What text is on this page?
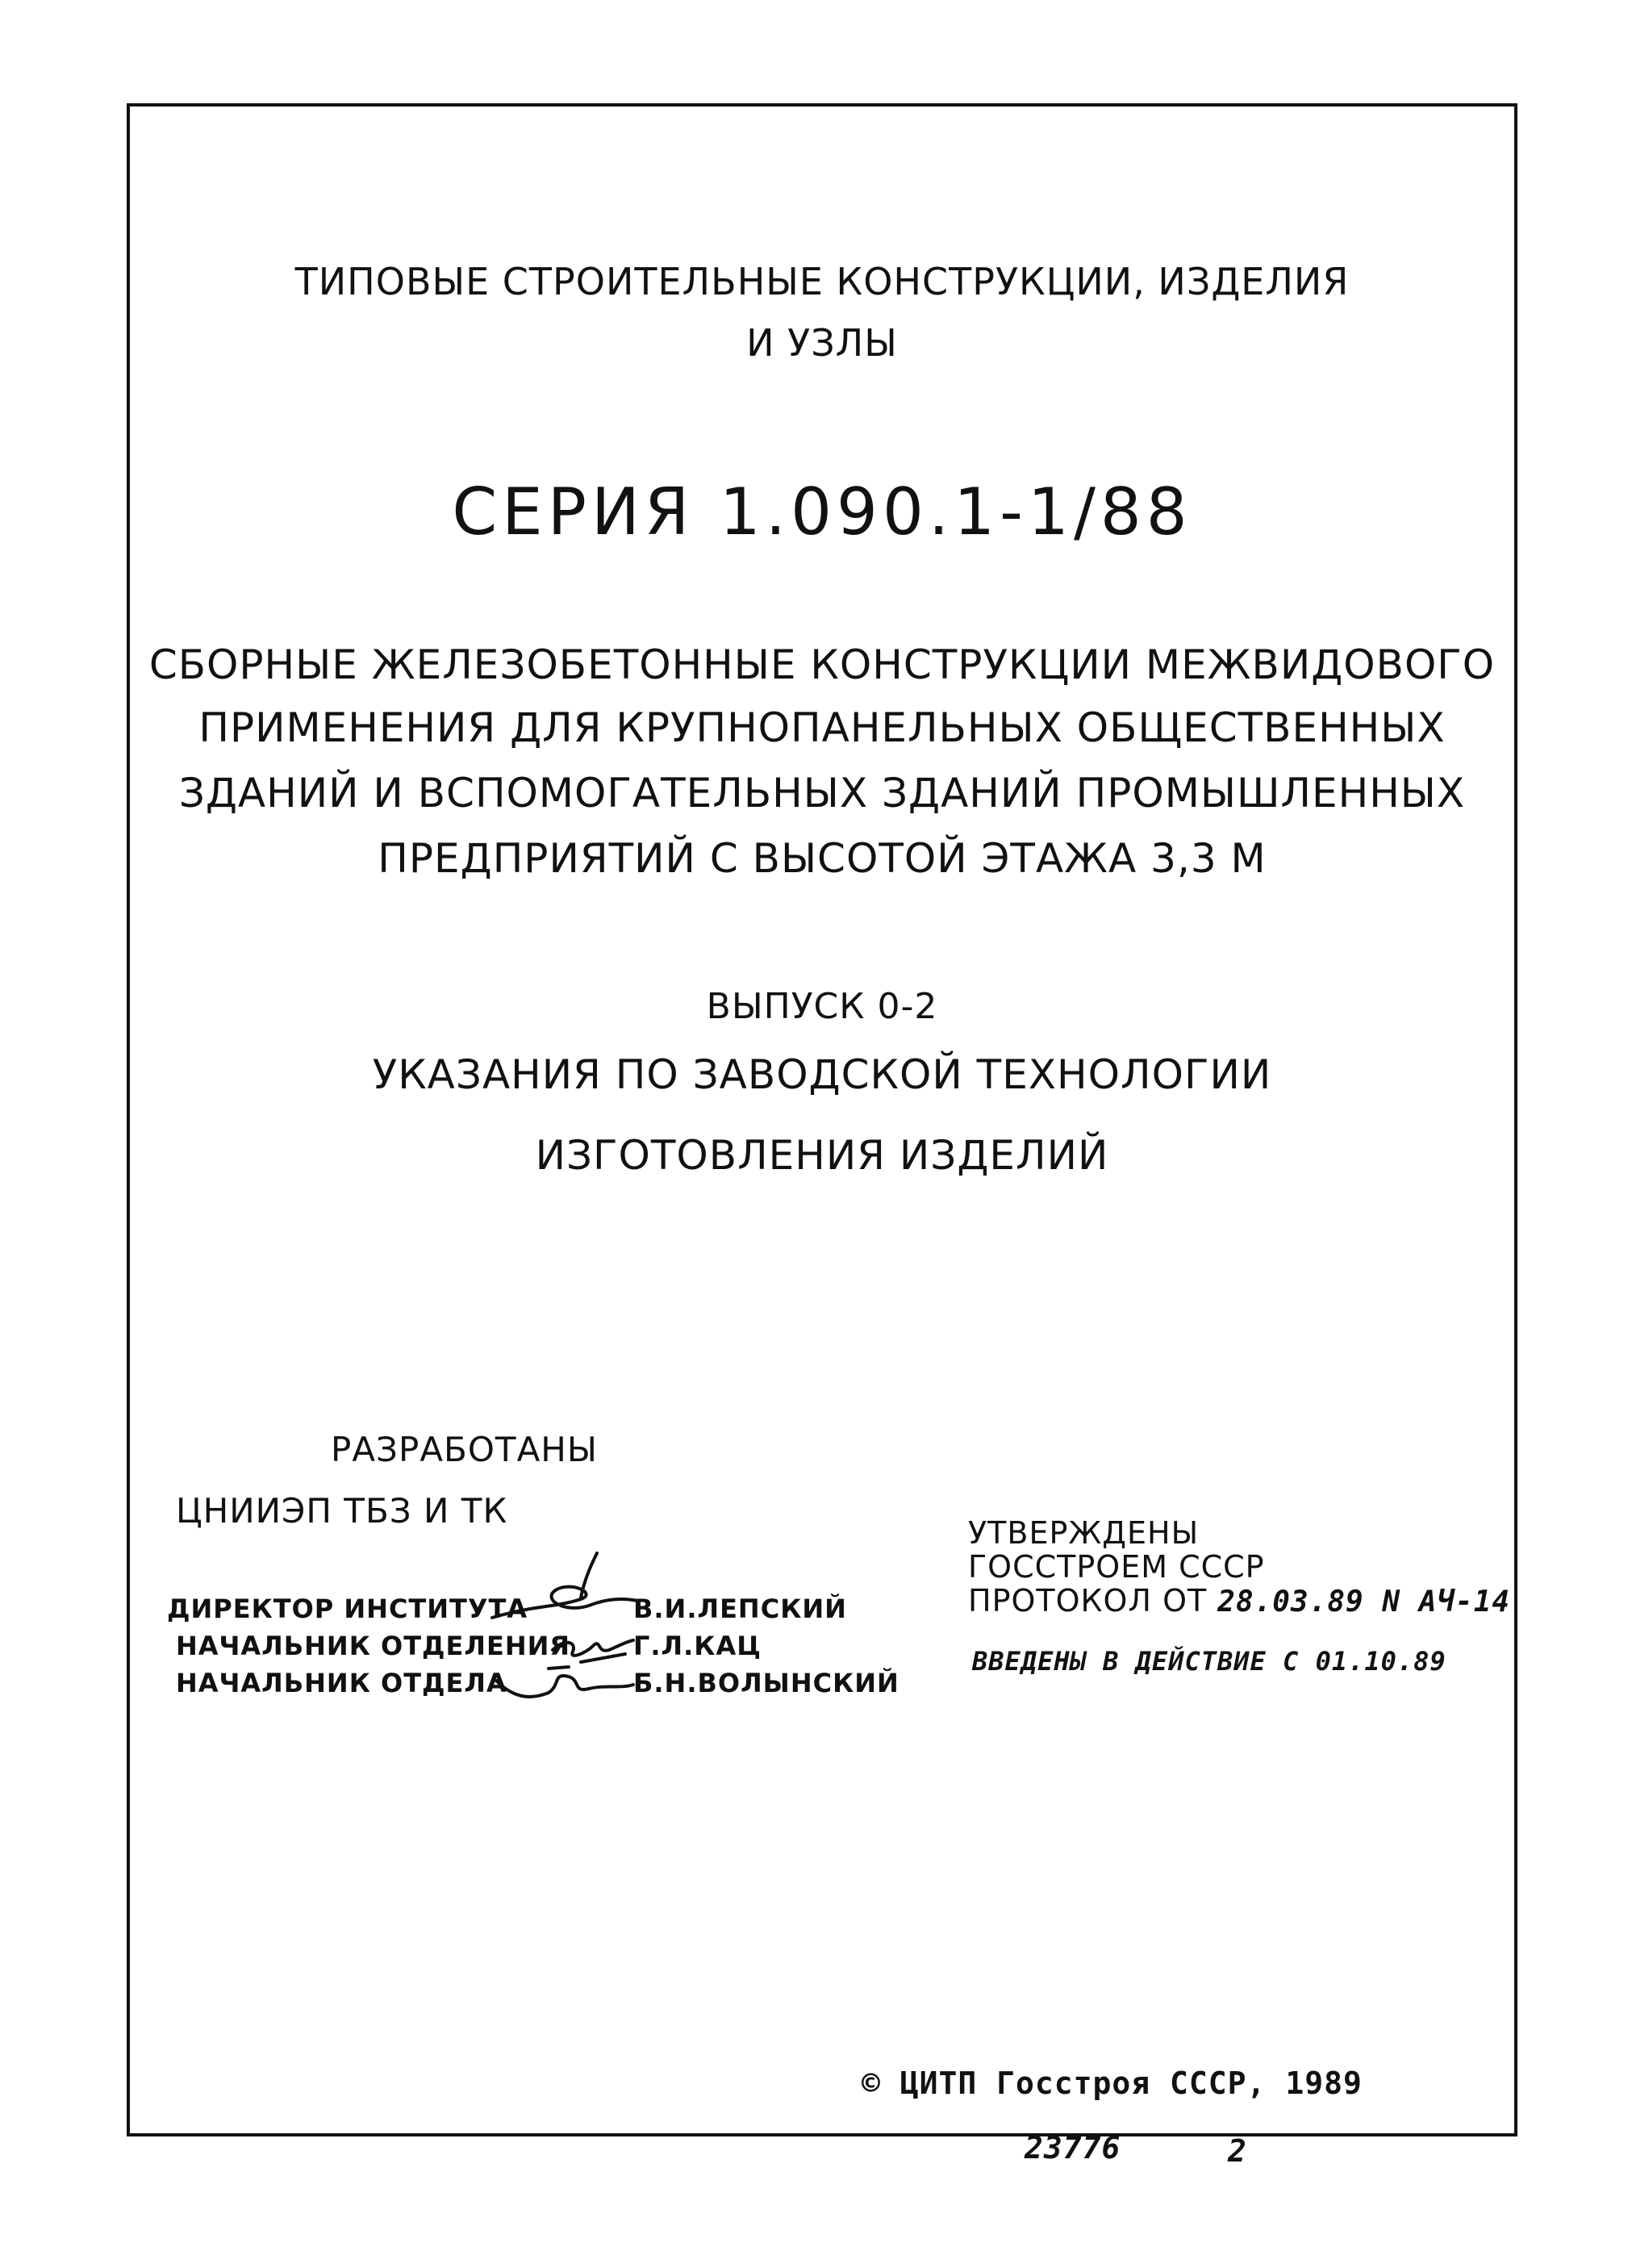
ТИПОВЫЕ СТРОИТЕЛЬНЫЕ КОНСТРУКЦИИ, ИЗДЕЛИЯ
И УЗЛЫ
СЕРИЯ 1.090.1-1/88
СБОРНЫЕ ЖЕЛЕЗОБЕТОННЫЕ КОНСТРУКЦИИ МЕЖВИДОВОГО
ПРИМЕНЕНИЯ ДЛЯ КРУПНОПАНЕЛЬНЫХ ОБЩЕСТВЕННЫХ
ЗДАНИЙ И ВСПОМОГАТЕЛЬНЫХ ЗДАНИЙ ПРОМЫШЛЕННЫХ
ПРЕДПРИЯТИЙ С ВЫСОТОЙ ЭТАЖА 3,3 М
ВЫПУСК 0-2
УКАЗАНИЯ ПО ЗАВОДСКОЙ ТЕХНОЛОГИИ
ИЗГОТОВЛЕНИЯ ИЗДЕЛИЙ
РАЗРАБОТАНЫ
ЦНИИЭП ТБЗ И ТК
ДИРЕКТОР ИНСТИТУТА	В.И.ЛЕПСКИЙ
НАЧАЛЬНИК ОТДЕЛЕНИЯ Г.Л.КАЦ
НАЧАЛЬНИК ОТДЕЛА	Б.Н.ВОЛЫНСКИЙ
УТВЕРЖДЕНЫ
ГОССТРОЕМ СССР
ПРОТОКОЛ ОТ 28.03.89 N АЧ-14
ВВЕДЕНЫ В ДЕЙСТВИЕ С 01.10.89
© ЦИТП Госстроя СССР, 1989
23776	2
